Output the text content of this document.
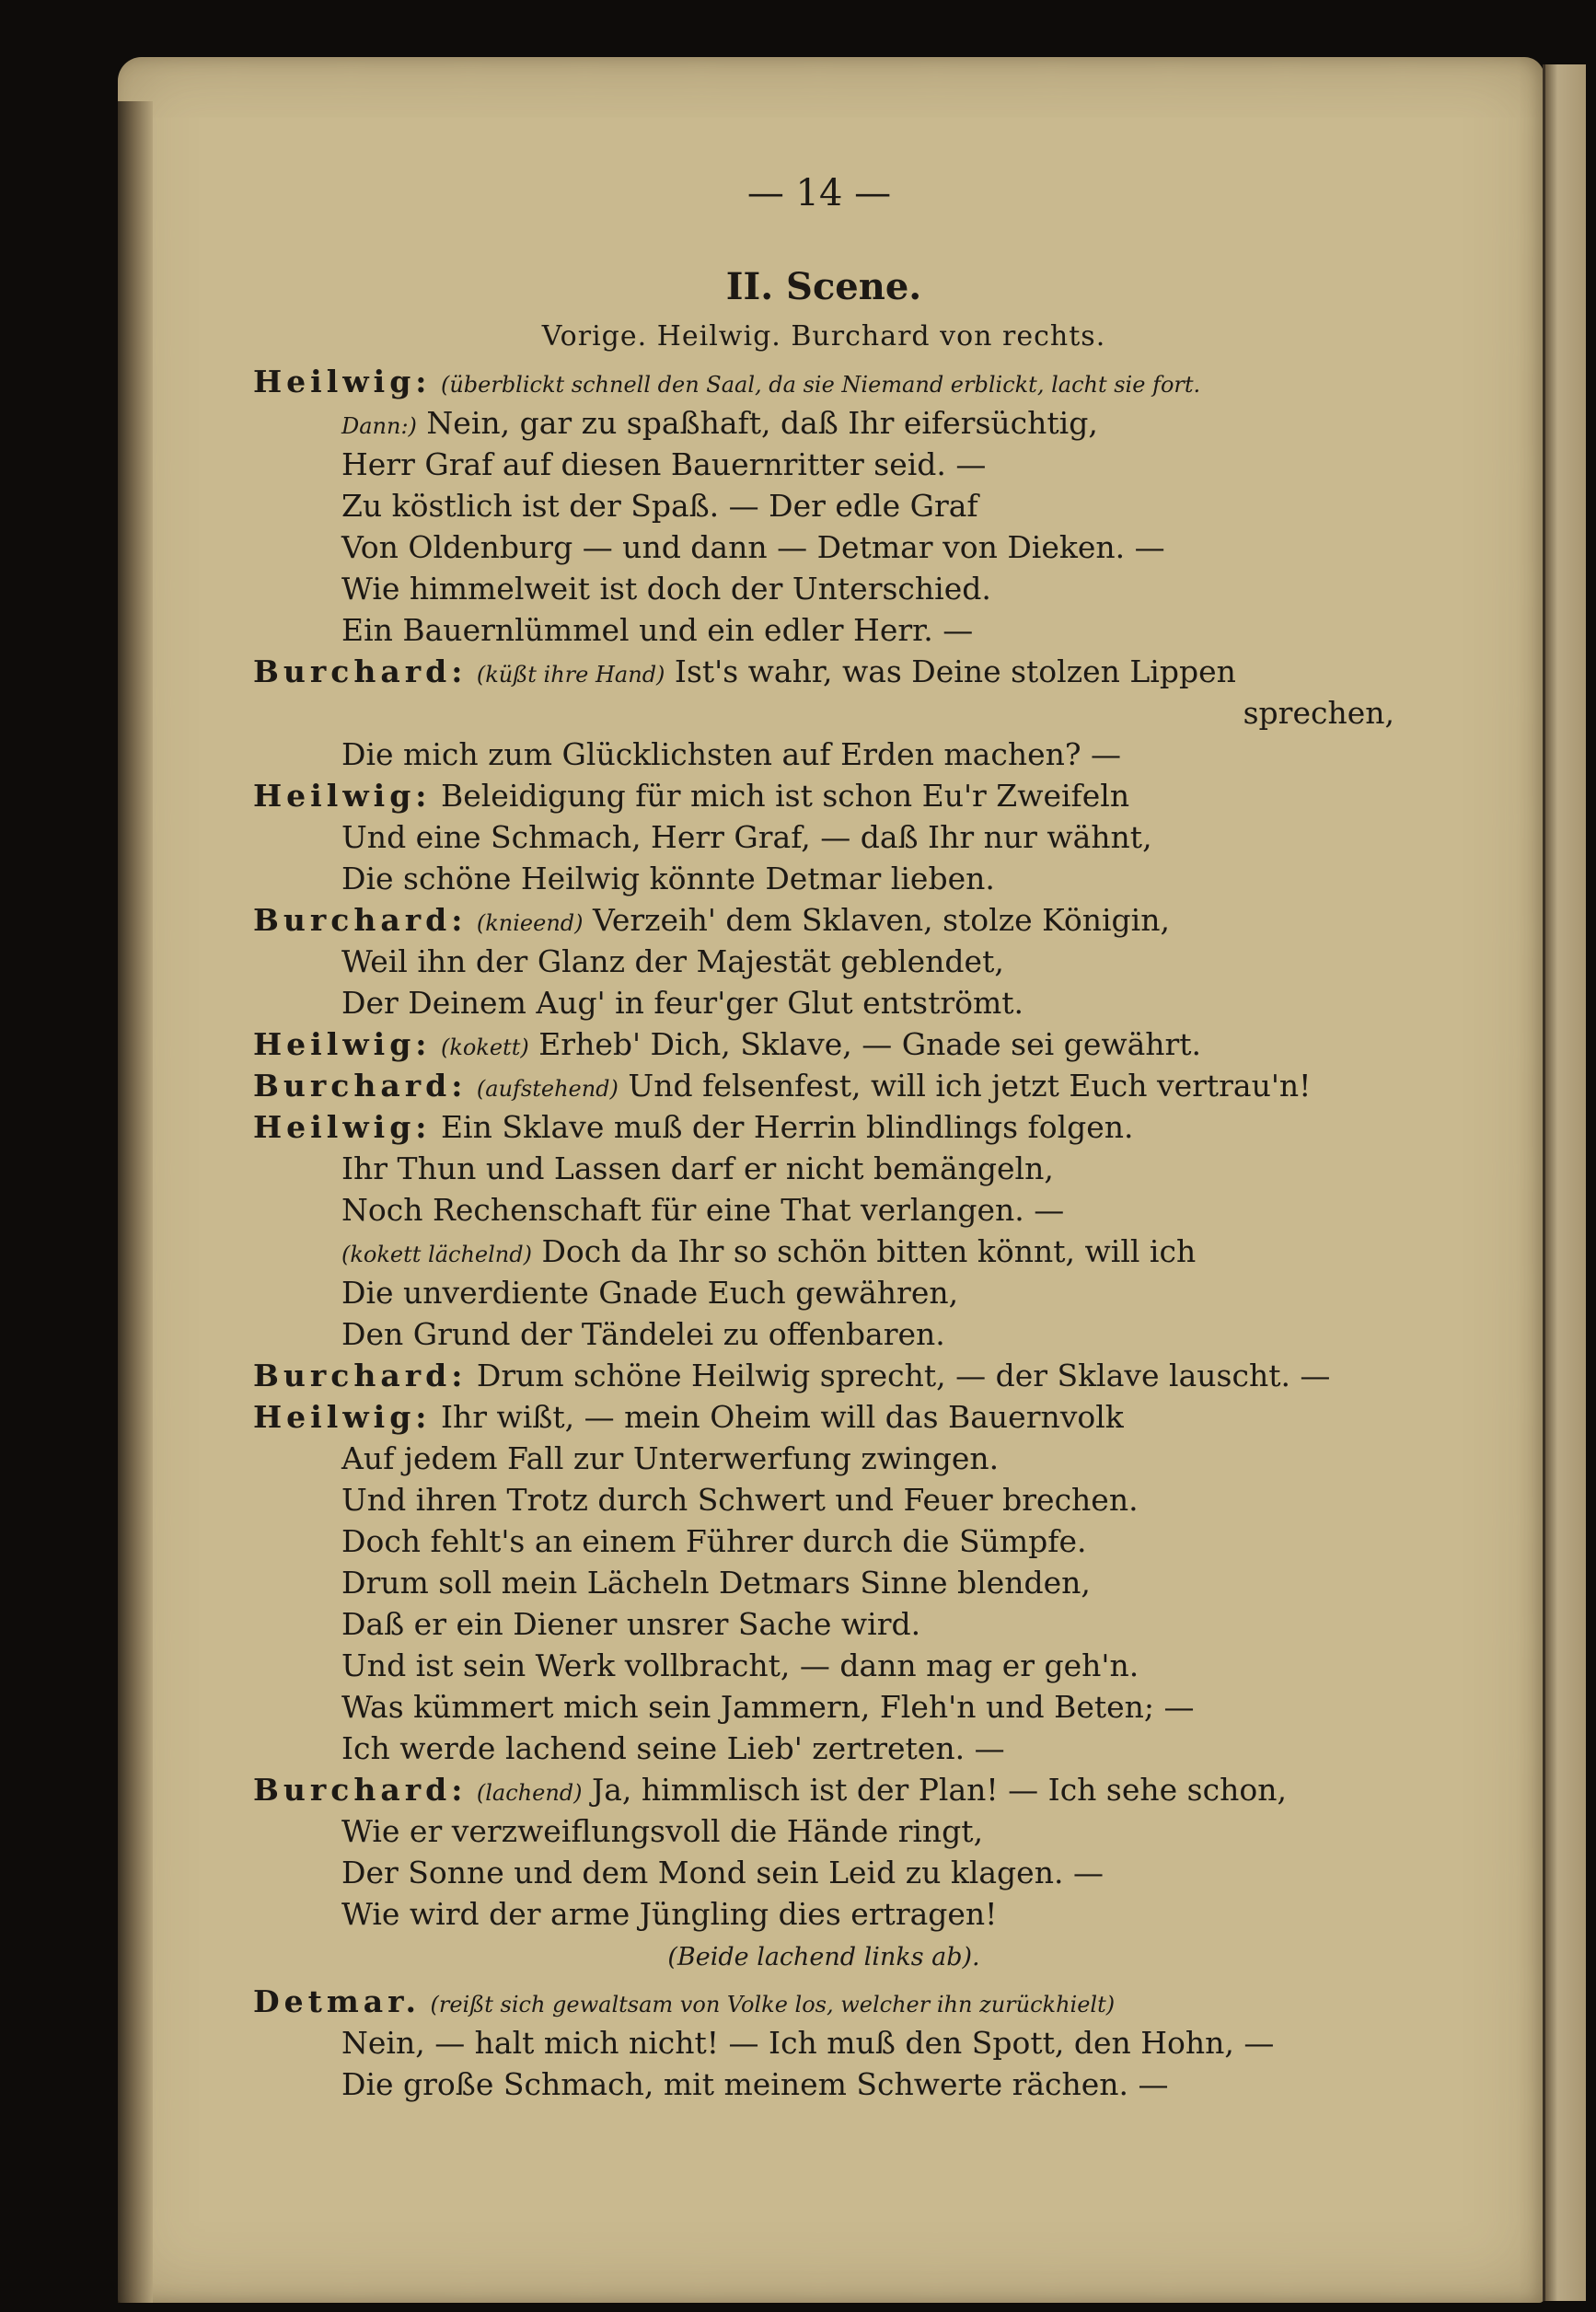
— 14 —
II. Scene.
Vorige. Heilwig. Burchard von rechts.
Heilwig: (überblickt schnell den Saal, da sie Niemand erblickt, lacht sie fort.
Dann:) Nein, gar zu spaßhaft, daß Ihr eifersüchtig,
Herr Graf auf diesen Bauernritter seid. —
Zu köstlich ist der Spaß. — Der edle Graf
Von Oldenburg — und dann — Detmar von Dieken. —
Wie himmelweit ist doch der Unterschied.
Ein Bauernlümmel und ein edler Herr. —
Burchard: (küßt ihre Hand) Ist's wahr, was Deine stolzen Lippen
sprechen,
Die mich zum Glücklichsten auf Erden machen? —
Heilwig: Beleidigung für mich ist schon Eu'r Zweifeln
Und eine Schmach, Herr Graf, — daß Ihr nur wähnt,
Die schöne Heilwig könnte Detmar lieben.
Burchard: (knieend) Verzeih' dem Sklaven, stolze Königin,
Weil ihn der Glanz der Majestät geblendet,
Der Deinem Aug' in feur'ger Glut entströmt.
Heilwig: (kokett) Erheb' Dich, Sklave, — Gnade sei gewährt.
Burchard: (aufstehend) Und felsenfest, will ich jetzt Euch vertrau'n!
Heilwig: Ein Sklave muß der Herrin blindlings folgen.
Ihr Thun und Lassen darf er nicht bemängeln,
Noch Rechenschaft für eine That verlangen. —
(kokett lächelnd) Doch da Ihr so schön bitten könnt, will ich
Die unverdiente Gnade Euch gewähren,
Den Grund der Tändelei zu offenbaren.
Burchard: Drum schöne Heilwig sprecht, — der Sklave lauscht. —
Heilwig: Ihr wißt, — mein Oheim will das Bauernvolk
Auf jedem Fall zur Unterwerfung zwingen.
Und ihren Trotz durch Schwert und Feuer brechen.
Doch fehlt's an einem Führer durch die Sümpfe.
Drum soll mein Lächeln Detmars Sinne blenden,
Daß er ein Diener unsrer Sache wird.
Und ist sein Werk vollbracht, — dann mag er geh'n.
Was kümmert mich sein Jammern, Fleh'n und Beten; —
Ich werde lachend seine Lieb' zertreten. —
Burchard: (lachend) Ja, himmlisch ist der Plan! — Ich sehe schon,
Wie er verzweiflungsvoll die Hände ringt,
Der Sonne und dem Mond sein Leid zu klagen. —
Wie wird der arme Jüngling dies ertragen!
(Beide lachend links ab).
Detmar. (reißt sich gewaltsam von Volke los, welcher ihn zurückhielt)
Nein, — halt mich nicht! — Ich muß den Spott, den Hohn, —
Die große Schmach, mit meinem Schwerte rächen. —
